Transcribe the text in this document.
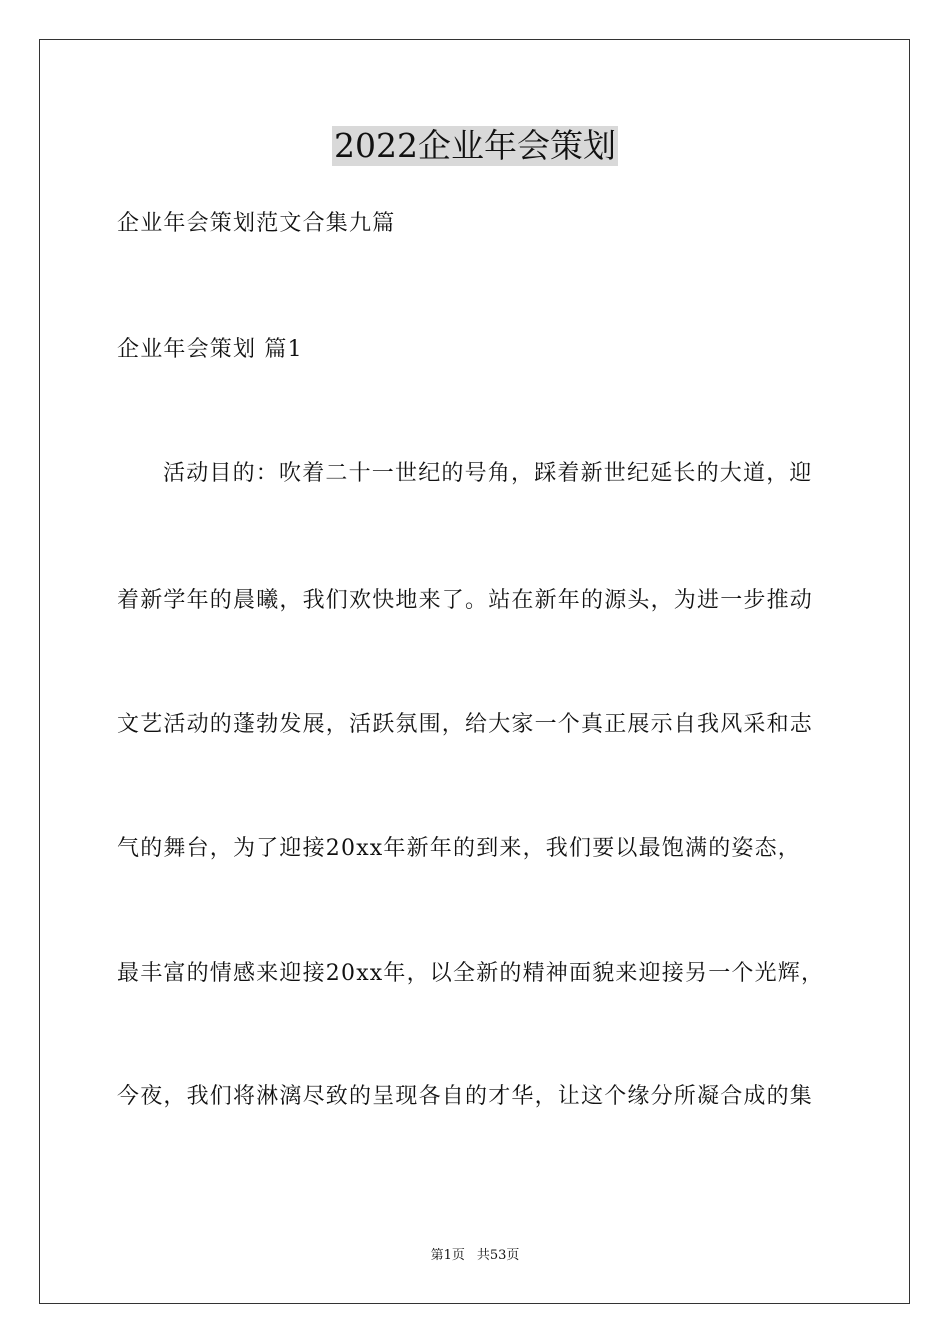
2022企业年会策划
企业年会策划范文合集九篇
企业年会策划 篇1
活动目的：吹着二十一世纪的号角，踩着新世纪延长的大道，迎
着新学年的晨曦，我们欢快地来了。站在新年的源头，为进一步推动
文艺活动的蓬勃发展，活跃氛围，给大家一个真正展示自我风采和志
气的舞台，为了迎接20xx年新年的到来，我们要以最饱满的姿态，
最丰富的情感来迎接20xx年，以全新的精神面貌来迎接另一个光辉，
今夜，我们将淋漓尽致的呈现各自的才华，让这个缘分所凝合成的集
第1页 共53页
